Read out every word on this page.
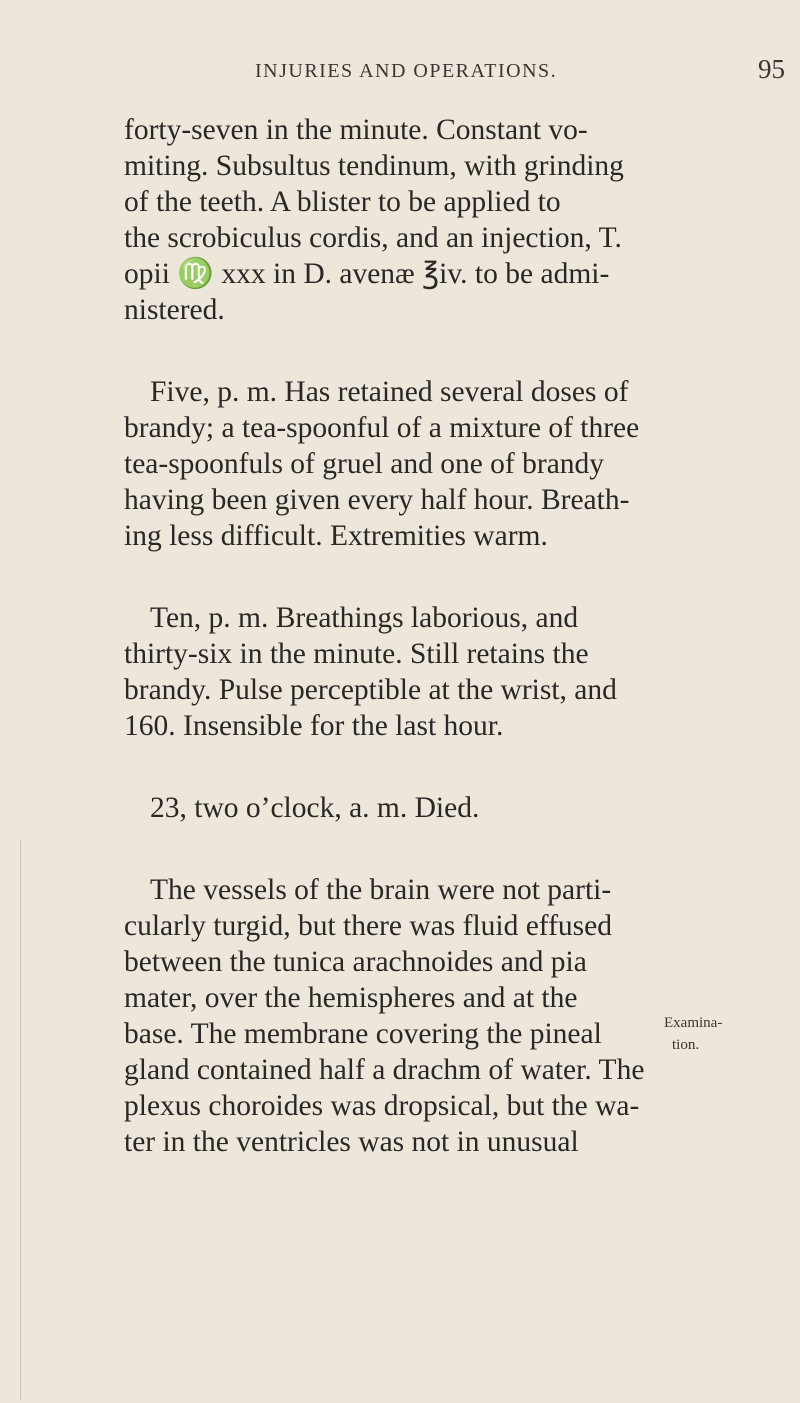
INJURIES AND OPERATIONS.	95

forty-seven in the minute. Constant vo-
miting. Subsultus tendinum, with grinding
of the teeth. A blister to be applied to
the scrobiculus cordis, and an injection, T.
opii ♍ xxx in D. avenæ ℥iv. to be admi-
nistered.

Five, p. m. Has retained several doses of
brandy; a tea-spoonful of a mixture of three
tea-spoonfuls of gruel and one of brandy
having been given every half hour. Breath-
ing less difficult. Extremities warm.

Ten, p. m. Breathings laborious, and
thirty-six in the minute. Still retains the
brandy. Pulse perceptible at the wrist, and
160. Insensible for the last hour.

23, two o’clock, a. m. Died.

The vessels of the brain were not parti-
cularly turgid, but there was fluid effused
between the tunica arachnoides and pia
mater, over the hemispheres and at the
base. The membrane covering the pineal
gland contained half a drachm of water. The
plexus choroides was dropsical, but the wa-
ter in the ventricles was not in unusual

Examina-
tion.
